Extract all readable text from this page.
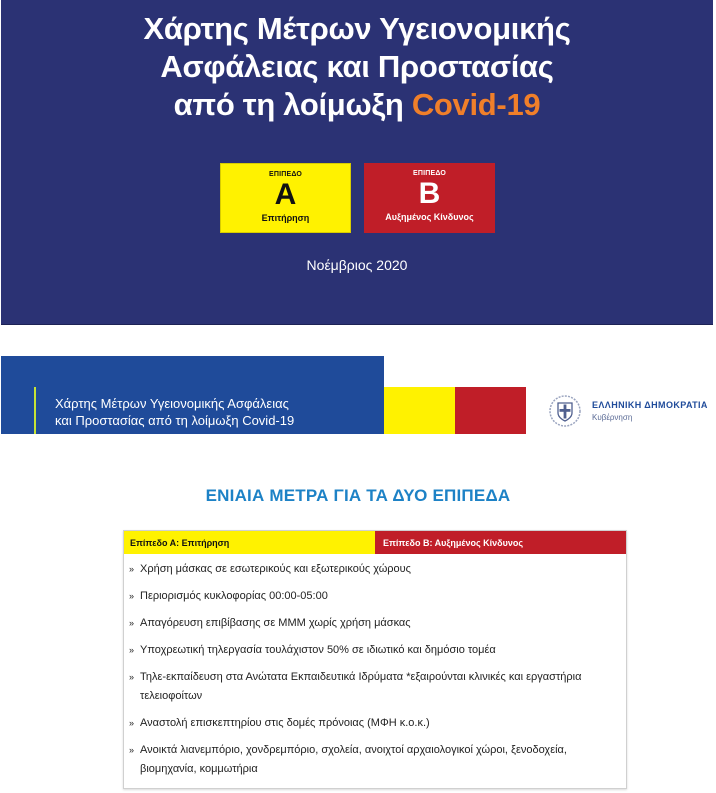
Χάρτης Μέτρων Υγειονομικής
Ασφάλειας και Προστασίας
από τη λοίμωξη Covid-19
ΕΠΙΠΕΔΟ
A
Επιτήρηση
ΕΠΙΠΕΔΟ
B
Αυξημένος Κίνδυνος
Νοέμβριος 2020
Χάρτης Μέτρων Υγειονομικής Ασφάλειας
και Προστασίας από τη λοίμωξη Covid-19
ΕΛΛΗΝΙΚΗ ΔΗΜΟΚΡΑΤΙΑ
Κυβέρνηση
ΕΝΙΑΙΑ ΜΕΤΡΑ ΓΙΑ ΤΑ ΔΥΟ ΕΠΙΠΕΔΑ
Επίπεδο Α: Επιτήρηση	Επίπεδο Β: Αυξημένος Κίνδυνος
» Χρήση μάσκας σε εσωτερικούς και εξωτερικούς χώρους
» Περιορισμός κυκλοφορίας 00:00-05:00
» Απαγόρευση επιβίβασης σε ΜΜΜ χωρίς χρήση μάσκας
» Υποχρεωτική τηλεργασία τουλάχιστον 50% σε ιδιωτικό και δημόσιο τομέα
» Τηλε-εκπαίδευση στα Ανώτατα Εκπαιδευτικά Ιδρύματα *εξαιρούνται κλινικές και εργαστήρια τελειοφοίτων
» Αναστολή επισκεπτηρίου στις δομές πρόνοιας (ΜΦΗ κ.ο.κ.)
» Ανοικτά λιανεμπόριο, χονδρεμπόριο, σχολεία, ανοιχτοί αρχαιολογικοί χώροι, ξενοδοχεία, βιομηχανία, κομμωτήρια
